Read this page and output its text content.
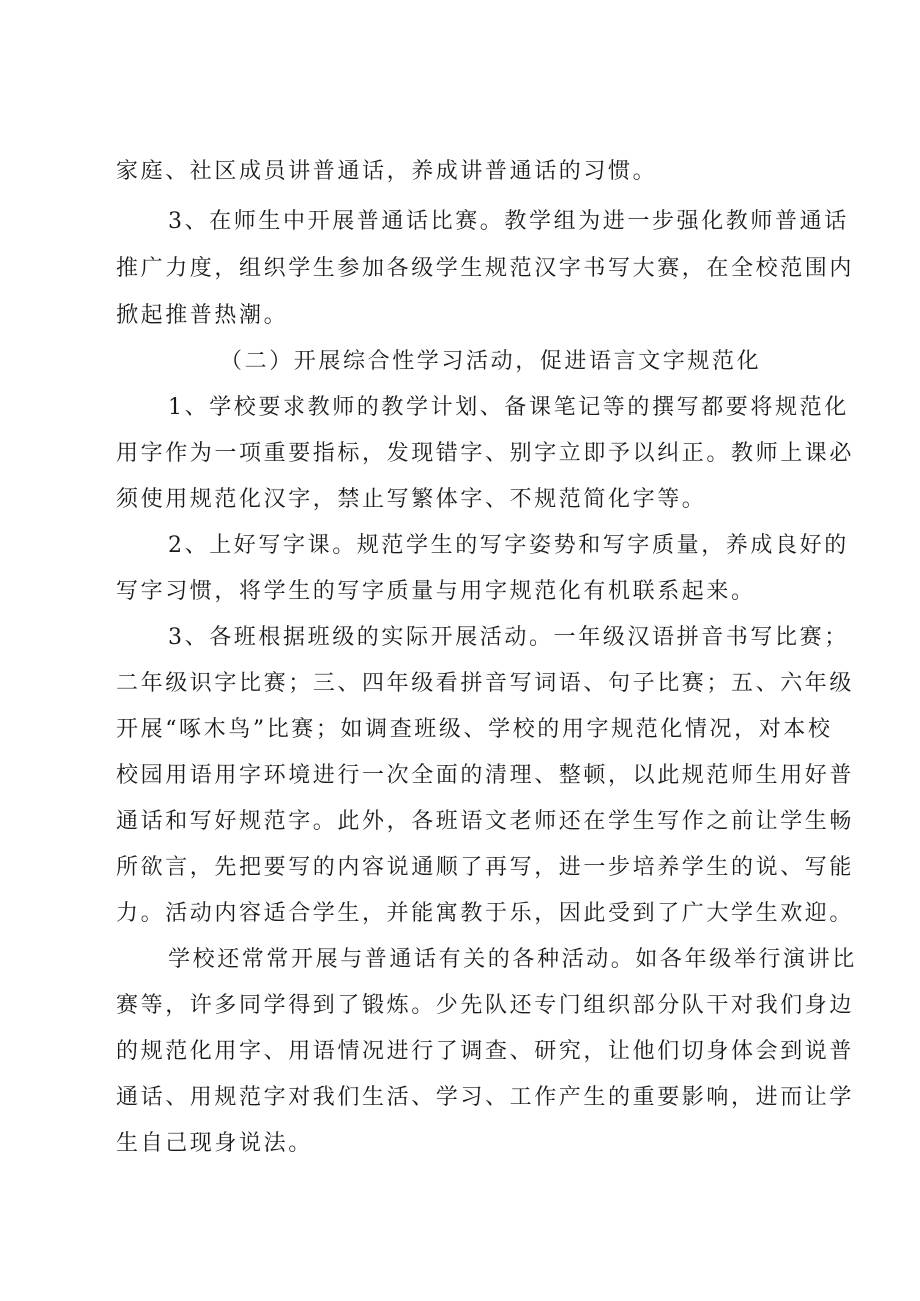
家庭、社区成员讲普通话，养成讲普通话的习惯。
3、在师生中开展普通话比赛。教学组为进一步强化教师普通话
推广力度，组织学生参加各级学生规范汉字书写大赛，在全校范围内
掀起推普热潮。
（二）开展综合性学习活动，促进语言文字规范化
1、学校要求教师的教学计划、备课笔记等的撰写都要将规范化
用字作为一项重要指标，发现错字、别字立即予以纠正。教师上课必
须使用规范化汉字，禁止写繁体字、不规范简化字等。
2、上好写字课。规范学生的写字姿势和写字质量，养成良好的
写字习惯，将学生的写字质量与用字规范化有机联系起来。
3、各班根据班级的实际开展活动。一年级汉语拼音书写比赛；
二年级识字比赛；三、四年级看拼音写词语、句子比赛；五、六年级
开展“啄木鸟”比赛；如调查班级、学校的用字规范化情况，对本校
校园用语用字环境进行一次全面的清理、整顿，以此规范师生用好普
通话和写好规范字。此外，各班语文老师还在学生写作之前让学生畅
所欲言，先把要写的内容说通顺了再写，进一步培养学生的说、写能
力。活动内容适合学生，并能寓教于乐，因此受到了广大学生欢迎。
学校还常常开展与普通话有关的各种活动。如各年级举行演讲比
赛等，许多同学得到了锻炼。少先队还专门组织部分队干对我们身边
的规范化用字、用语情况进行了调查、研究，让他们切身体会到说普
通话、用规范字对我们生活、学习、工作产生的重要影响，进而让学
生自己现身说法。
